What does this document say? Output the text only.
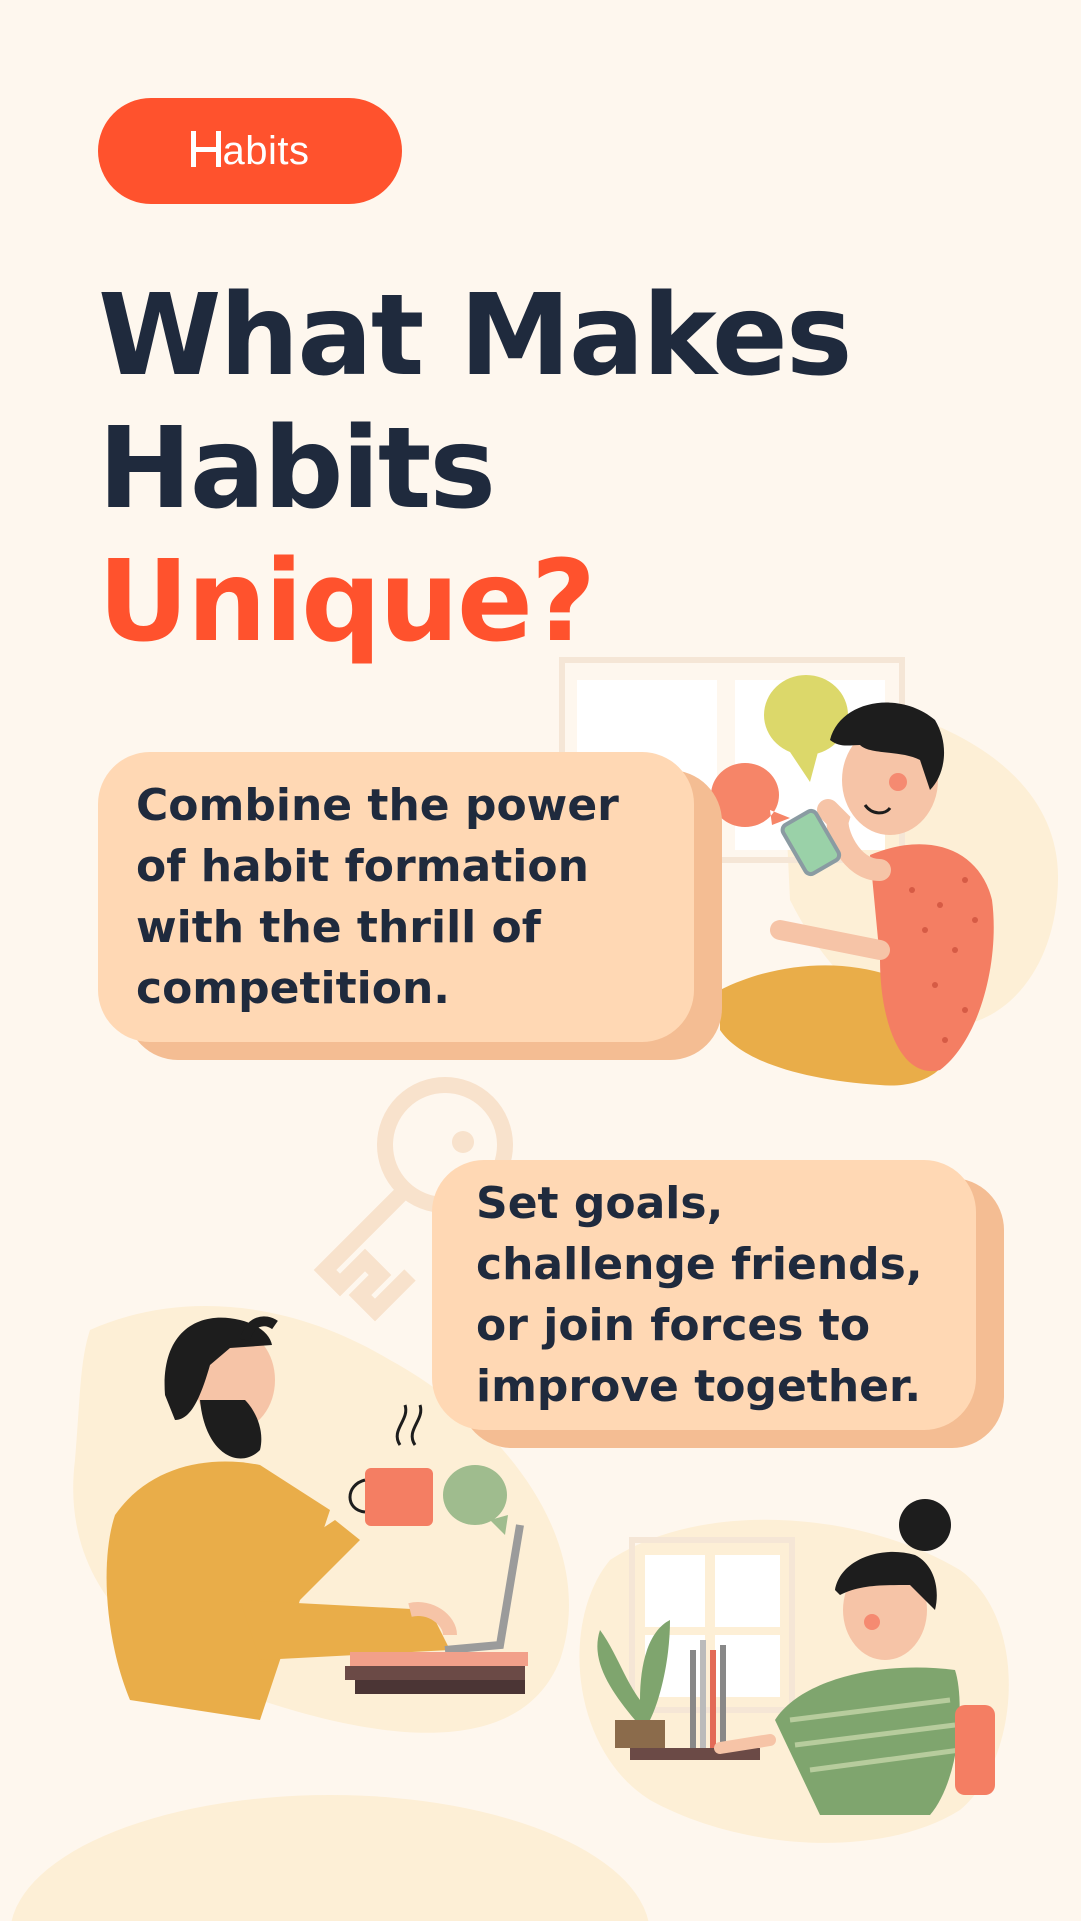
abits
What Makes
Habits
Unique?

Combine the power of habit formation with the thrill of competition.

Set goals, challenge friends, or join forces to improve together.
